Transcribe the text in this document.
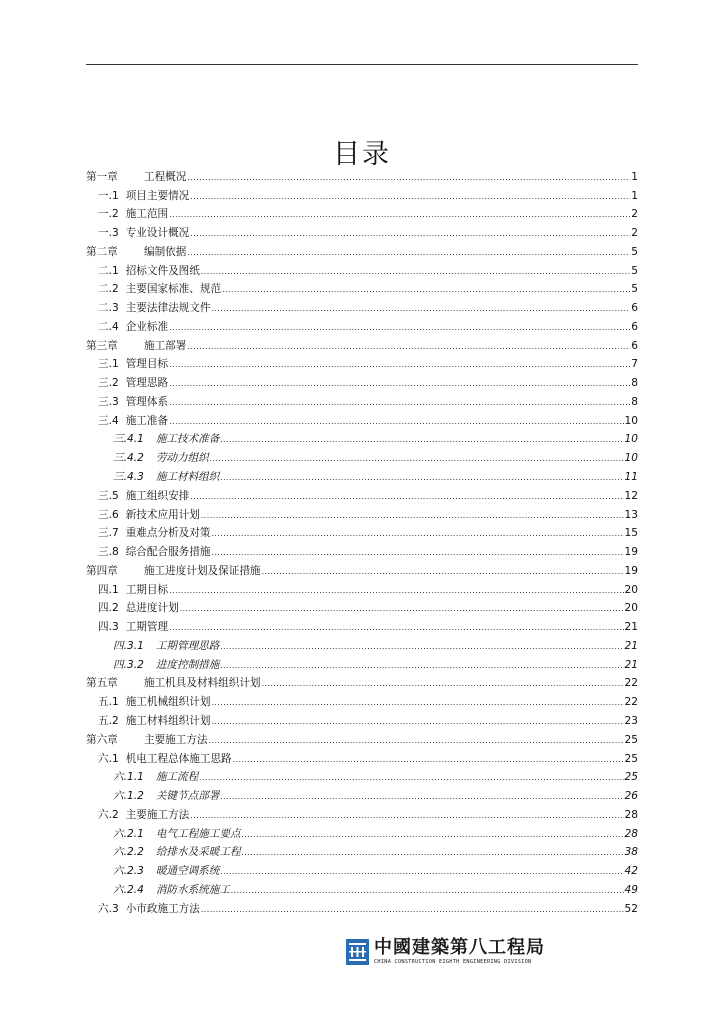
目录
第一章	工程概况 .....	1
一.1 项目主要情况 .....	1
一.2 施工范围 .....	2
一.3 专业设计概况 .....	2
第二章	编制依据 .....	5
二.1 招标文件及图纸 .....	5
二.2 主要国家标准、规范 .....	5
二.3 主要法律法规文件 .....	6
二.4 企业标准 .....	6
第三章	施工部署 .....	6
三.1 管理目标 .....	7
三.2 管理思路 .....	8
三.3 管理体系 .....	8
三.4 施工准备 .....	10
三.4.1 施工技术准备 .....	10
三.4.2 劳动力组织 .....	10
三.4.3 施工材料组织 .....	11
三.5 施工组织安排 .....	12
三.6 新技术应用计划 .....	13
三.7 重难点分析及对策 .....	15
三.8 综合配合服务措施 .....	19
第四章	施工进度计划及保证措施 .....	19
四.1 工期目标 .....	20
四.2 总进度计划 .....	20
四.3 工期管理 .....	21
四.3.1 工期管理思路 .....	21
四.3.2 进度控制措施 .....	21
第五章	施工机具及材料组织计划 .....	22
五.1 施工机械组织计划 .....	22
五.2 施工材料组织计划 .....	23
第六章	主要施工方法 .....	25
六.1 机电工程总体施工思路 .....	25
六.1.1 施工流程 .....	25
六.1.2 关键节点部署 .....	26
六.2 主要施工方法 .....	28
六.2.1 电气工程施工要点 .....	28
六.2.2 给排水及采暖工程 .....	38
六.2.3 暖通空调系统 .....	42
六.2.4 消防水系统施工 .....	49
六.3 小市政施工方法 .....	52
中國建築第八工程局
CHINA CONSTRUCTION EIGHTH ENGINEERING DIVISION
